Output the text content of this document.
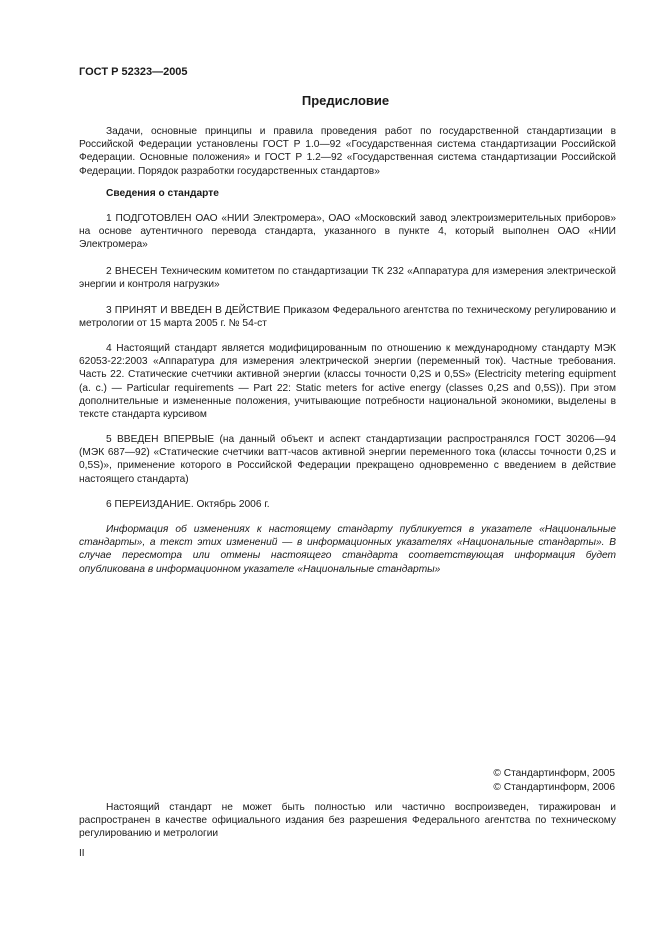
ГОСТ Р 52323—2005
Предисловие

Задачи, основные принципы и правила проведения работ по государственной стандартизации в Российской Федерации установлены ГОСТ Р 1.0—92 «Государственная система стандартизации Российской Федерации. Основные положения» и ГОСТ Р 1.2—92 «Государственная система стандартизации Российской Федерации. Порядок разработки государственных стандартов»

Сведения о стандарте

1 ПОДГОТОВЛЕН ОАО «НИИ Электромера», ОАО «Московский завод электроизмерительных приборов» на основе аутентичного перевода стандарта, указанного в пункте 4, который выполнен ОАО «НИИ Электромера»

2 ВНЕСЕН Техническим комитетом по стандартизации ТК 232 «Аппаратура для измерения электрической энергии и контроля нагрузки»

3 ПРИНЯТ И ВВЕДЕН В ДЕЙСТВИЕ Приказом Федерального агентства по техническому регулированию и метрологии от 15 марта 2005 г. № 54-ст

4 Настоящий стандарт является модифицированным по отношению к международному стандарту МЭК 62053-22:2003 «Аппаратура для измерения электрической энергии (переменный ток). Частные требования. Часть 22. Статические счетчики активной энергии (классы точности 0,2S и 0,5S» (Electricity metering equipment (a. c.) — Particular requirements — Part 22: Static meters for active energy (classes 0,2S and 0,5S)). При этом дополнительные и измененные положения, учитывающие потребности национальной экономики, выделены в тексте стандарта курсивом

5 ВВЕДЕН ВПЕРВЫЕ (на данный объект и аспект стандартизации распространялся ГОСТ 30206—94 (МЭК 687—92) «Статические счетчики ватт-часов активной энергии переменного тока (классы точности 0,2S и 0,5S)», применение которого в Российской Федерации прекращено одновременно с введением в действие настоящего стандарта)

6 ПЕРЕИЗДАНИЕ. Октябрь 2006 г.

Информация об изменениях к настоящему стандарту публикуется в указателе «Национальные стандарты», а текст этих изменений — в информационных указателях «Национальные стандарты». В случае пересмотра или отмены настоящего стандарта соответствующая информация будет опубликована в информационном указателе «Национальные стандарты»

© Стандартинформ, 2005
© Стандартинформ, 2006

Настоящий стандарт не может быть полностью или частично воспроизведен, тиражирован и распространен в качестве официального издания без разрешения Федерального агентства по техническому регулированию и метрологии

II
